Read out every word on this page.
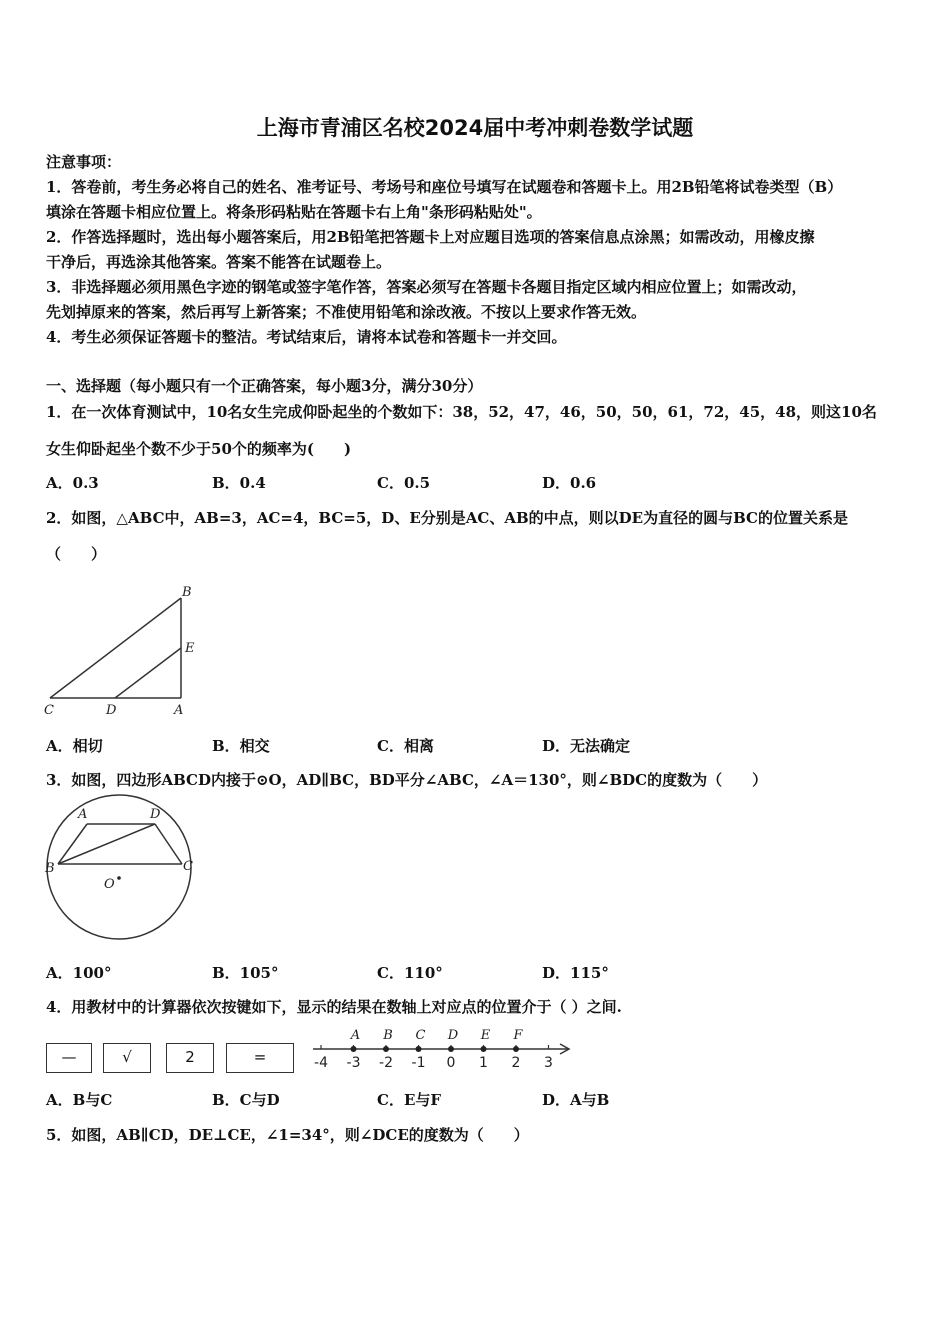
上海市青浦区名校2024届中考冲刺卷数学试题
注意事项：
1．答卷前，考生务必将自己的姓名、准考证号、考场号和座位号填写在试题卷和答题卡上。用2B铅笔将试卷类型（B）
填涂在答题卡相应位置上。将条形码粘贴在答题卡右上角"条形码粘贴处"。
2．作答选择题时，选出每小题答案后，用2B铅笔把答题卡上对应题目选项的答案信息点涂黑；如需改动，用橡皮擦
干净后，再选涂其他答案。答案不能答在试题卷上。
3．非选择题必须用黑色字迹的钢笔或签字笔作答，答案必须写在答题卡各题目指定区域内相应位置上；如需改动，
先划掉原来的答案，然后再写上新答案；不准使用铅笔和涂改液。不按以上要求作答无效。
4．考生必须保证答题卡的整洁。考试结束后，请将本试卷和答题卡一并交回。
一、选择题（每小题只有一个正确答案，每小题3分，满分30分）
1．在一次体育测试中，10名女生完成仰卧起坐的个数如下：38，52，47，46，50，50，61，72，45，48，则这10名
女生仰卧起坐个数不少于50个的频率为(　　)
A．0.3	B．0.4	C．0.5	D．0.6
2．如图，△ABC中，AB=3，AC=4，BC=5，D、E分别是AC、AB的中点，则以DE为直径的圆与BC的位置关系是
（　　）
B
E
C	D	A
A．相切	B．相交	C．相离	D．无法确定
3．如图，四边形ABCD内接于⊙O，AD∥BC，BD平分∠ABC，∠A＝130°，则∠BDC的度数为（　　）
A	D
B	C
O
A．100°	B．105°	C．110°	D．115°
4．用教材中的计算器依次按键如下，显示的结果在数轴上对应点的位置介于（ ）之间.
—	√	2	=	-4 -3 -2 -1 0 1 2 3
A B C D E F
A．B与C	B．C与D	C．E与F	D．A与B
5．如图，AB∥CD，DE⊥CE，∠1=34°，则∠DCE的度数为（　　）
